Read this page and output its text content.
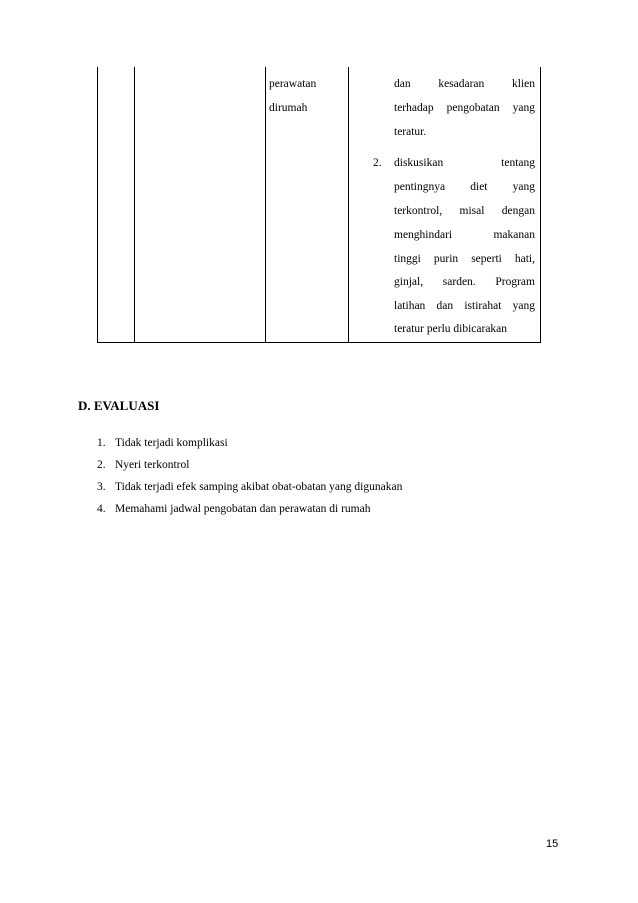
perawatan
dirumah
dan kesadaran klien
terhadap pengobatan yang
teratur.
2. diskusikan	tentang
pentingnya diet yang
terkontrol, misal dengan
menghindari	makanan
tinggi purin seperti hati,
ginjal, sarden. Program
latihan dan istirahat yang
teratur perlu dibicarakan
D. EVALUASI
1. Tidak terjadi komplikasi
2. Nyeri terkontrol
3. Tidak terjadi efek samping akibat obat-obatan yang digunakan
4. Memahami jadwal pengobatan dan perawatan di rumah
15
